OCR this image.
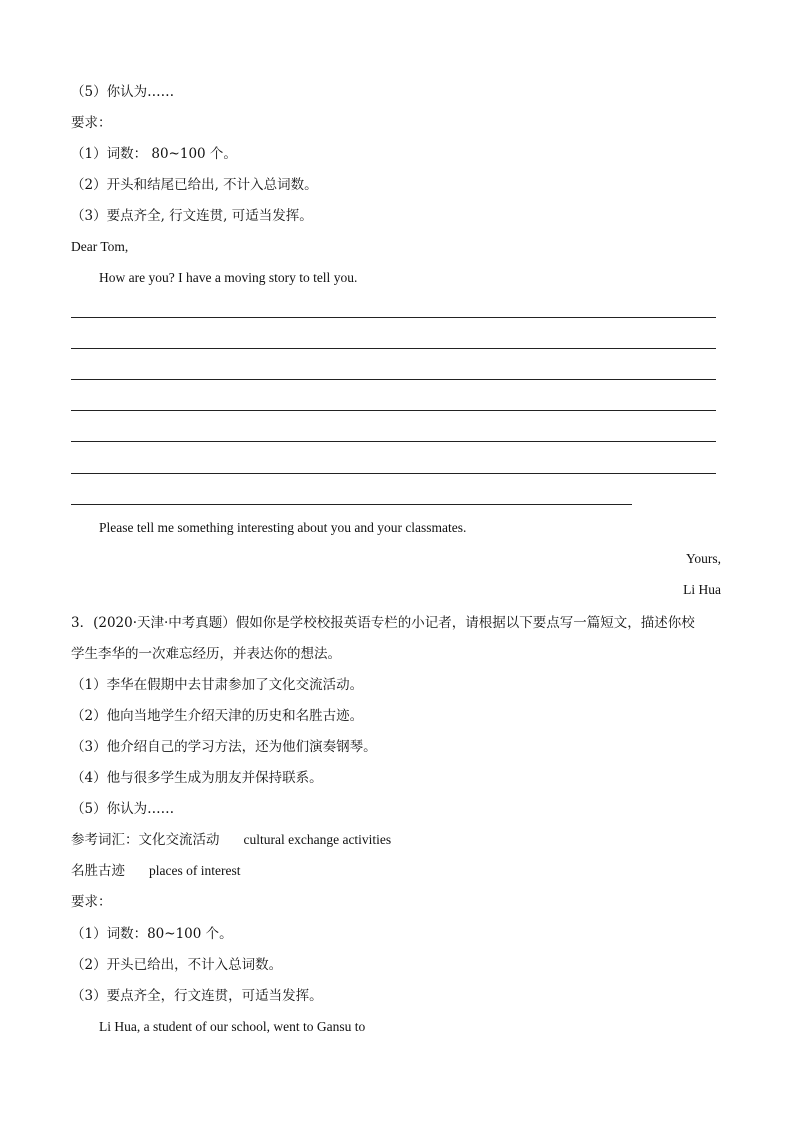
（5）你认为……
要求：
（1）词数： 80~100 个。
（2）开头和结尾已给出, 不计入总词数。
（3）要点齐全, 行文连贯, 可适当发挥。
Dear Tom,
How are you? I have a moving story to tell you.
Please tell me something interesting about you and your classmates.
Yours,
Li Hua
3．(2020·天津·中考真题）假如你是学校校报英语专栏的小记者，请根据以下要点写一篇短文，描述你校
学生李华的一次难忘经历，并表达你的想法。
（1）李华在假期中去甘肃参加了文化交流活动。
（2）他向当地学生介绍天津的历史和名胜古迹。
（3）他介绍自己的学习方法，还为他们演奏钢琴。
（4）他与很多学生成为朋友并保持联系。
（5）你认为……
参考词汇：文化交流活动 cultural exchange activities
名胜古迹 places of interest
要求：
（1）词数：80~100 个。
（2）开头已给出，不计入总词数。
（3）要点齐全，行文连贯，可适当发挥。
Li Hua, a student of our school, went to Gansu to
